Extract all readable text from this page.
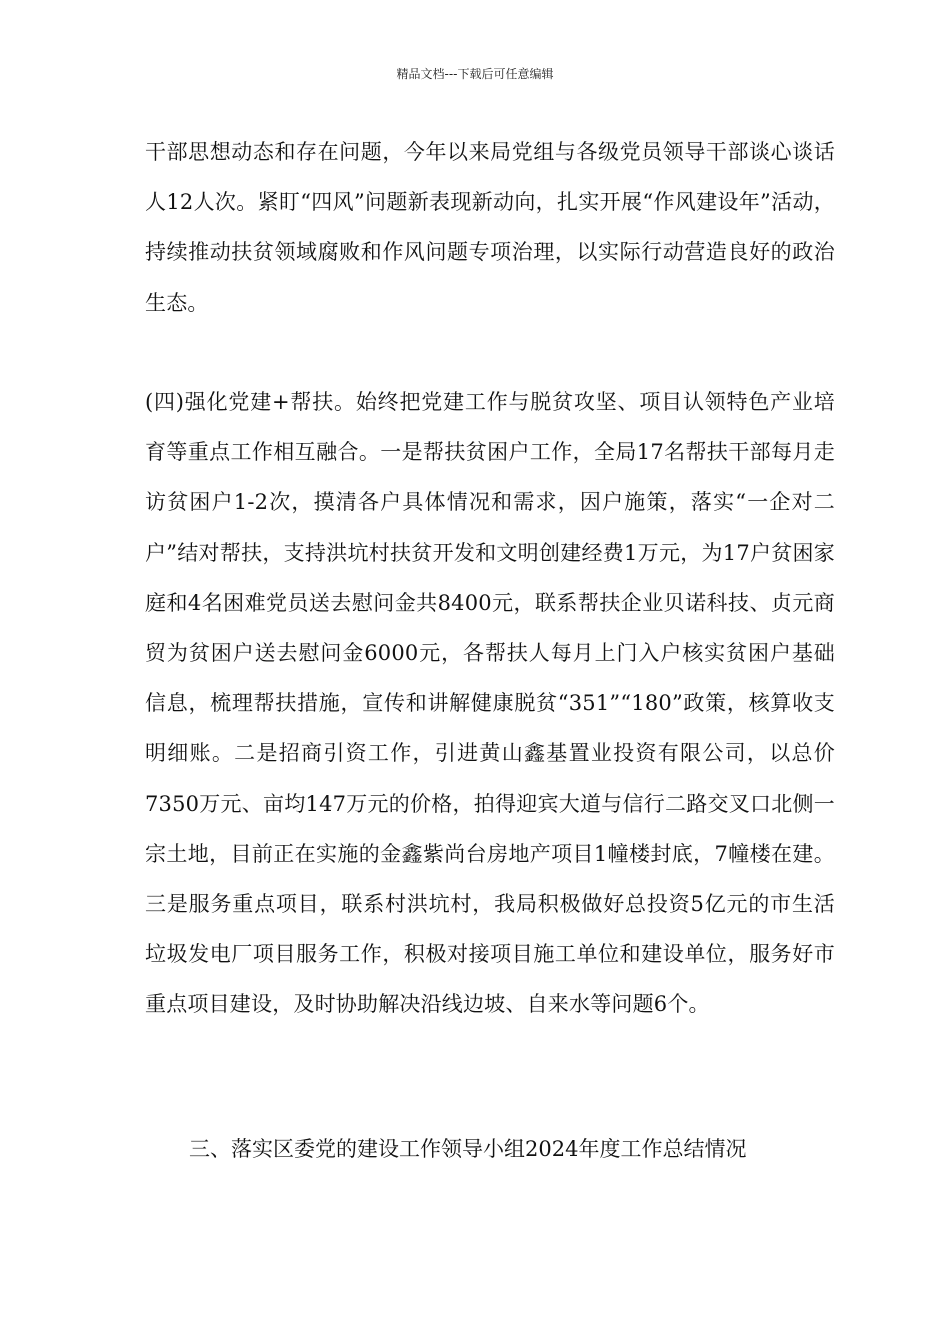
精品文档---下载后可任意编辑
干部思想动态和存在问题，今年以来局党组与各级党员领导干部谈心谈话人12人次。紧盯“四风”问题新表现新动向，扎实开展“作风建设年”活动，持续推动扶贫领域腐败和作风问题专项治理，以实际行动营造良好的政治生态。
(四)强化党建+帮扶。始终把党建工作与脱贫攻坚、项目认领特色产业培育等重点工作相互融合。一是帮扶贫困户工作，全局17名帮扶干部每月走访贫困户1-2次，摸清各户具体情况和需求，因户施策，落实“一企对二户”结对帮扶，支持洪坑村扶贫开发和文明创建经费1万元，为17户贫困家庭和4名困难党员送去慰问金共8400元，联系帮扶企业贝诺科技、贞元商贸为贫困户送去慰问金6000元，各帮扶人每月上门入户核实贫困户基础信息，梳理帮扶措施，宣传和讲解健康脱贫“351”“180”政策，核算收支明细账。二是招商引资工作，引进黄山鑫基置业投资有限公司，以总价7350万元、亩均147万元的价格，拍得迎宾大道与信行二路交叉口北侧一宗土地，目前正在实施的金鑫紫尚台房地产项目1幢楼封底，7幢楼在建。三是服务重点项目，联系村洪坑村，我局积极做好总投资5亿元的市生活垃圾发电厂项目服务工作，积极对接项目施工单位和建设单位，服务好市重点项目建设，及时协助解决沿线边坡、自来水等问题6个。
三、落实区委党的建设工作领导小组2024年度工作总结情况
